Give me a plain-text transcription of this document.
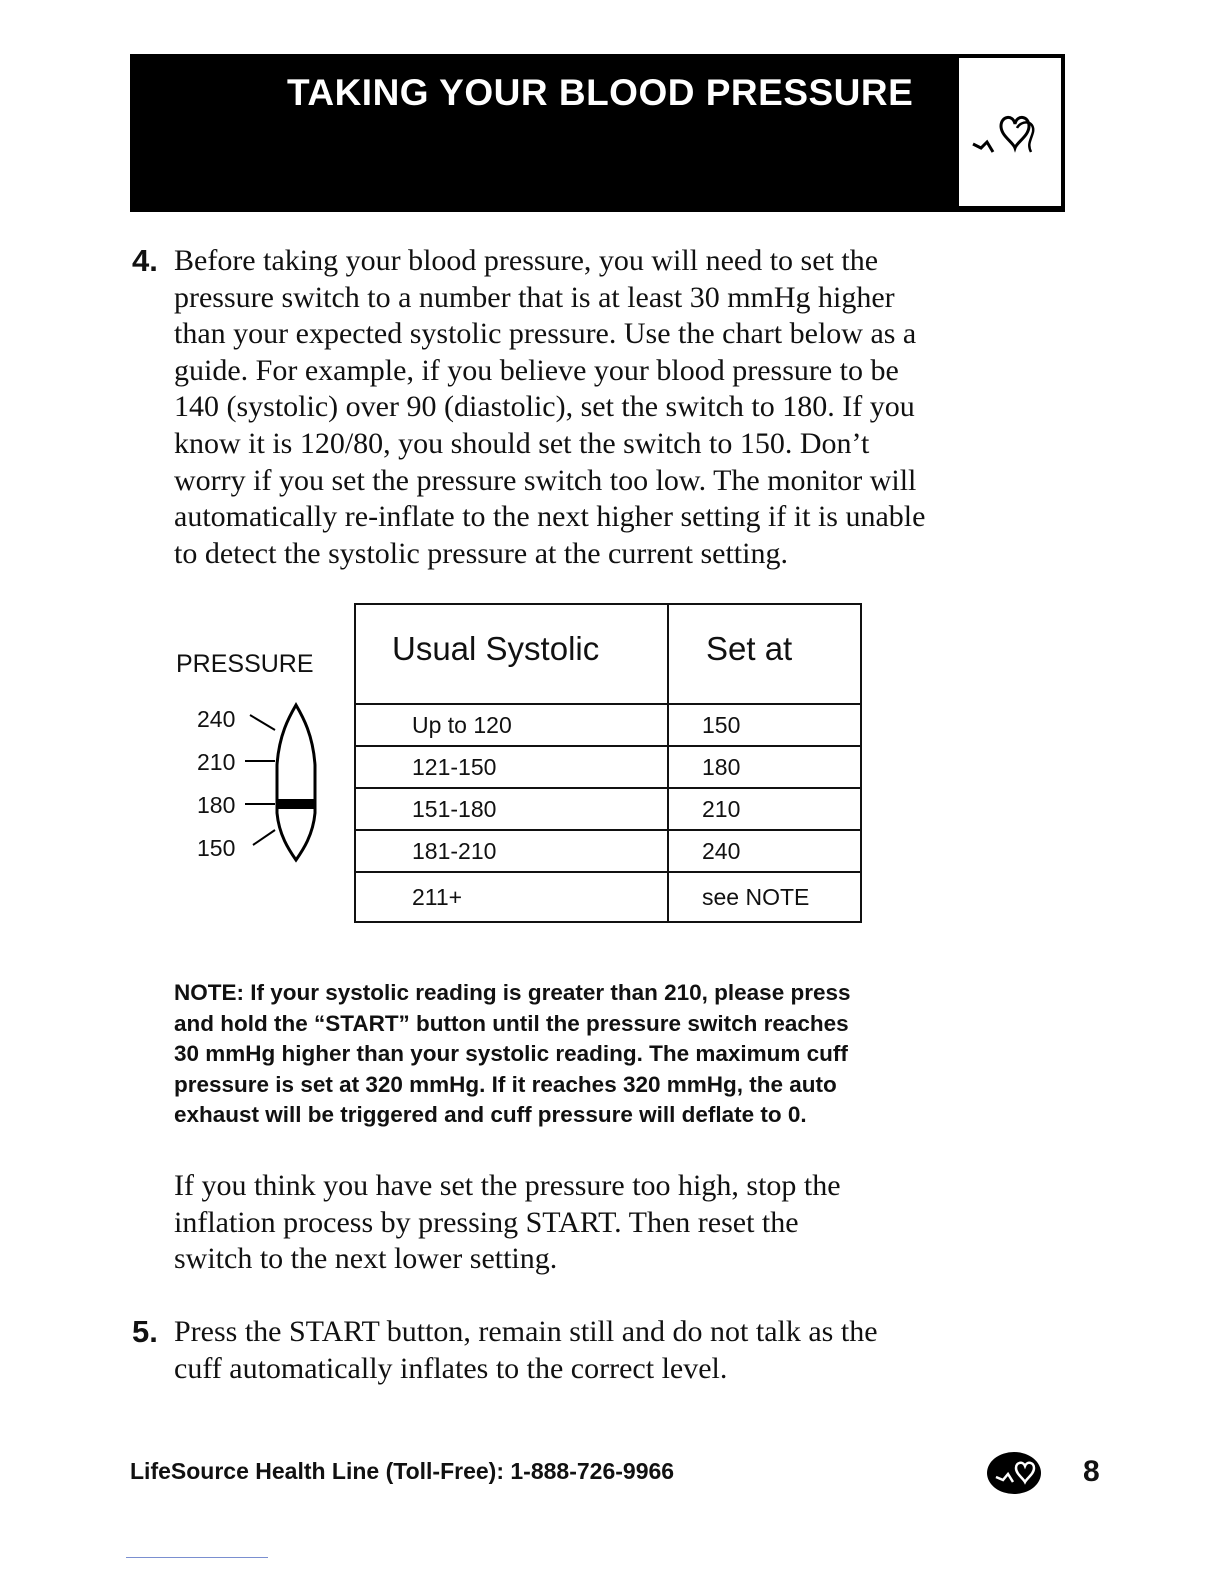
TAKING YOUR BLOOD PRESSURE
4. Before taking your blood pressure, you will need to set the
pressure switch to a number that is at least 30 mmHg higher
than your expected systolic pressure. Use the chart below as a
guide. For example, if you believe your blood pressure to be
140 (systolic) over 90 (diastolic), set the switch to 180. If you
know it is 120/80, you should set the switch to 150. Don’t
worry if you set the pressure switch too low. The monitor will
automatically re-inflate to the next higher setting if it is unable
to detect the systolic pressure at the current setting.
PRESSURE
240
210
180
150
Usual Systolic	Set at
Up to 120	150
121-150	180
151-180	210
181-210	240
211+	see NOTE
NOTE: If your systolic reading is greater than 210, please press
and hold the “START” button until the pressure switch reaches
30 mmHg higher than your systolic reading. The maximum cuff
pressure is set at 320 mmHg. If it reaches 320 mmHg, the auto
exhaust will be triggered and cuff pressure will deflate to 0.
If you think you have set the pressure too high, stop the
inflation process by pressing START. Then reset the
switch to the next lower setting.
5. Press the START button, remain still and do not talk as the
cuff automatically inflates to the correct level.
LifeSource Health Line (Toll-Free): 1-888-726-9966	8
